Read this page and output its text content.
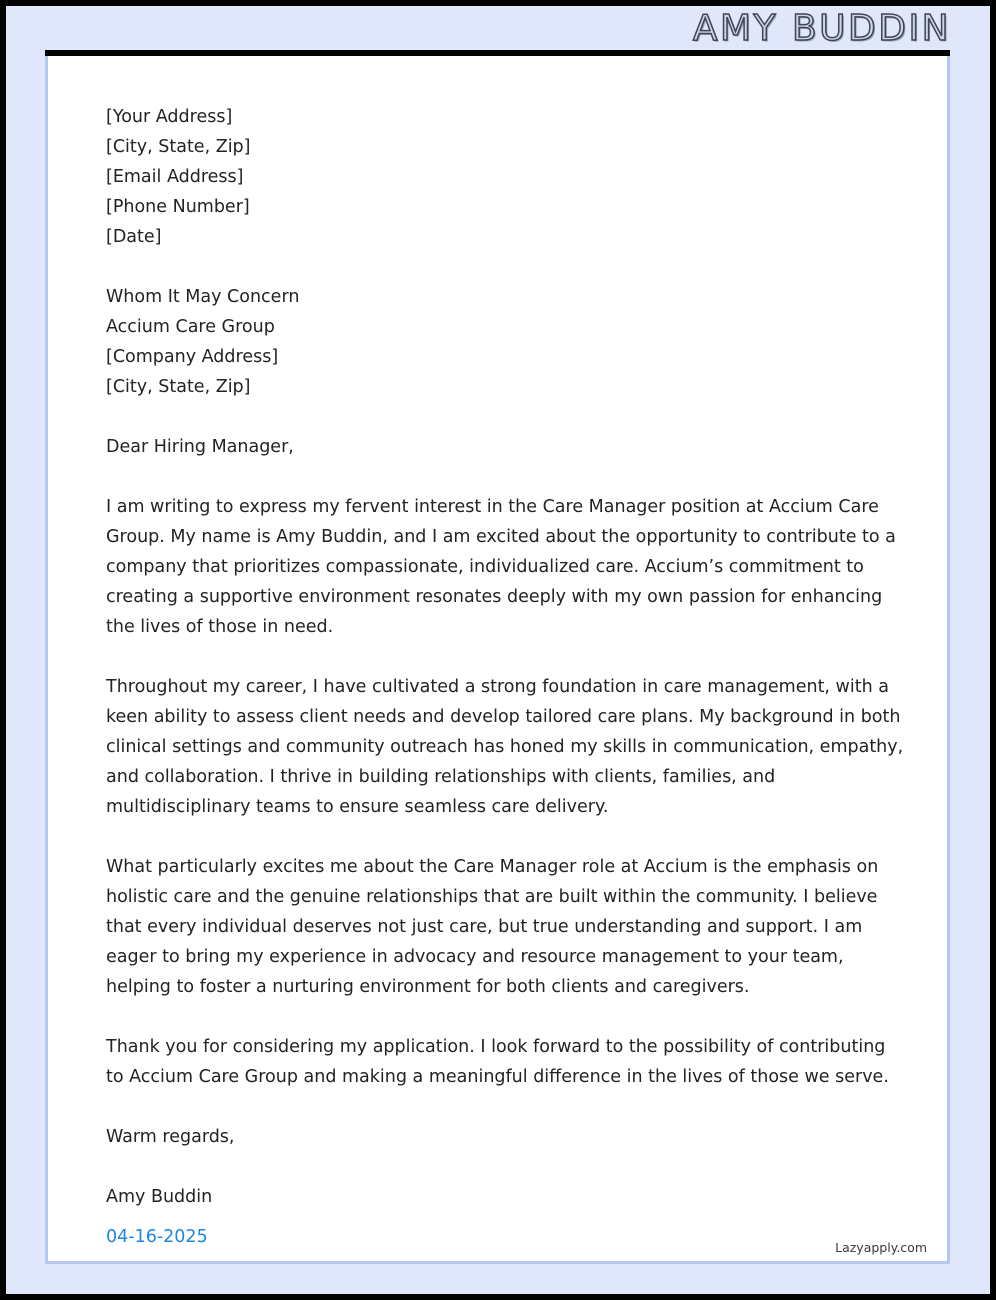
AMY BUDDIN
[Your Address]
[City, State, Zip]
[Email Address]
[Phone Number]
[Date]
Whom It May Concern
Accium Care Group
[Company Address]
[City, State, Zip]
Dear Hiring Manager,

I am writing to express my fervent interest in the Care Manager position at Accium Care Group. My name is Amy Buddin, and I am excited about the opportunity to contribute to a company that prioritizes compassionate, individualized care. Accium’s commitment to creating a supportive environment resonates deeply with my own passion for enhancing the lives of those in need.

Throughout my career, I have cultivated a strong foundation in care management, with a keen ability to assess client needs and develop tailored care plans. My background in both clinical settings and community outreach has honed my skills in communication, empathy, and collaboration. I thrive in building relationships with clients, families, and multidisciplinary teams to ensure seamless care delivery.

What particularly excites me about the Care Manager role at Accium is the emphasis on holistic care and the genuine relationships that are built within the community. I believe that every individual deserves not just care, but true understanding and support. I am eager to bring my experience in advocacy and resource management to your team, helping to foster a nurturing environment for both clients and caregivers.

Thank you for considering my application. I look forward to the possibility of contributing to Accium Care Group and making a meaningful difference in the lives of those we serve.

Warm regards,
Amy Buddin
04-16-2025
Lazyapply.com
